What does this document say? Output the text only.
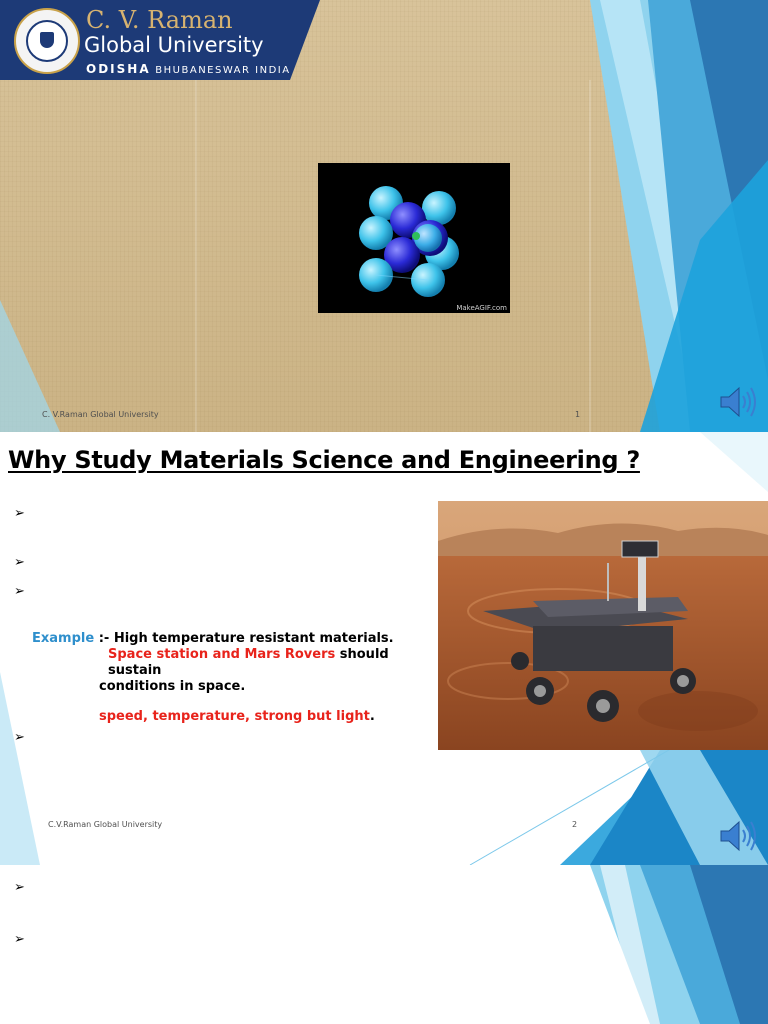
C. V. Raman
Global University
ODISHA BHUBANESWAR INDIA
MakeAGIF.com
C. V.Raman Global University	1
Why Study Materials Science and Engineering ?
➢
➢
➢
Example :- High temperature resistant materials.
Space station and Mars Rovers should sustain
conditions in space.
speed, temperature, strong but light.
➢
C.V.Raman Global University	2
➢
➢
